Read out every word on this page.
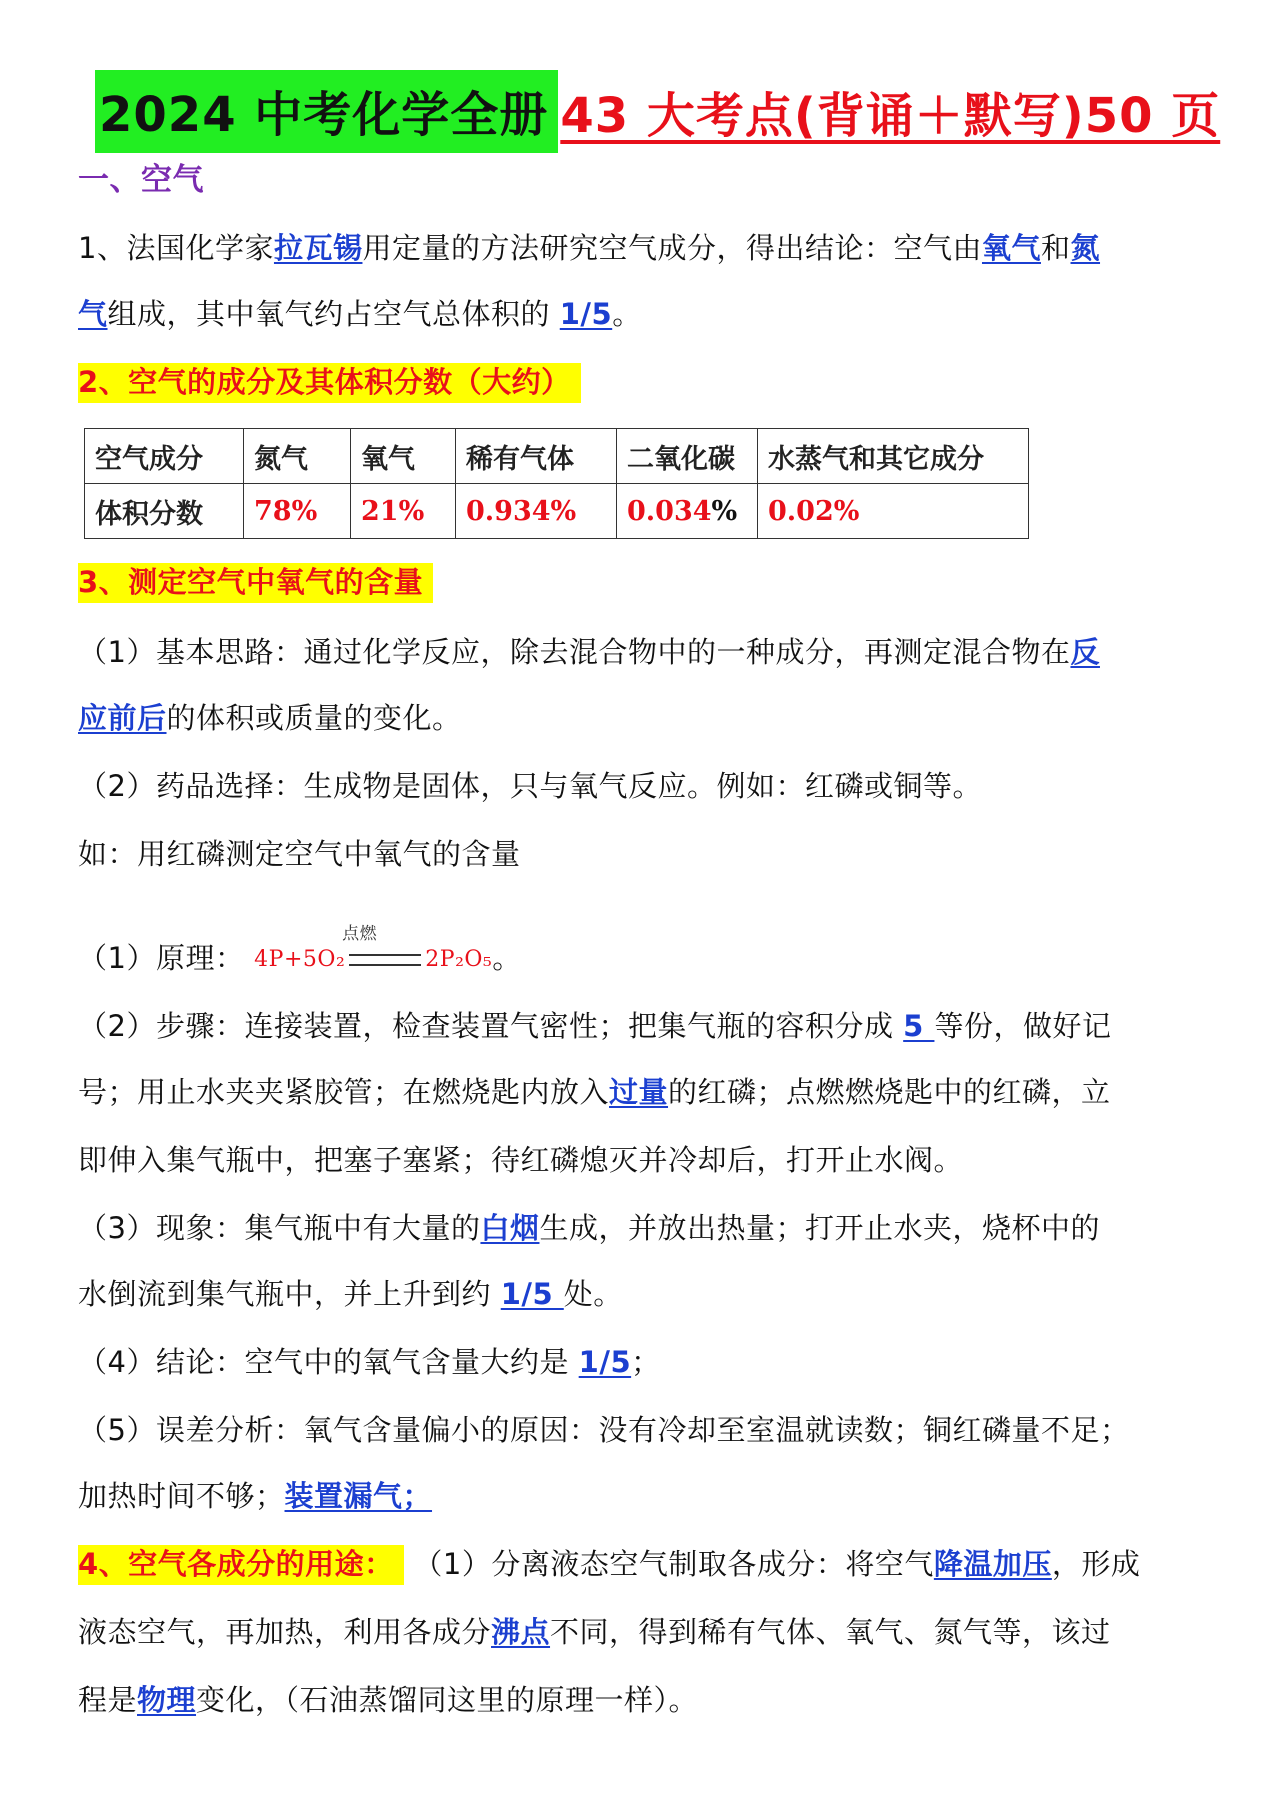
2024 中考化学全册 43 大考点(背诵＋默写)50 页
一、空气
1、法国化学家拉瓦锡用定量的方法研究空气成分，得出结论：空气由氧气和氮
气组成，其中氧气约占空气总体积的 1/5。
2、空气的成分及其体积分数（大约）
空气成分	氮气	氧气	稀有气体	二氧化碳	水蒸气和其它成分
体积分数	78%	21%	0.934%	0.034%	0.02%
3、测定空气中氧气的含量
（1）基本思路：通过化学反应，除去混合物中的一种成分，再测定混合物在反
应前后的体积或质量的变化。
（2）药品选择：生成物是固体，只与氧气反应。例如：红磷或铜等。
如：用红磷测定空气中氧气的含量
（1）原理：
点燃
4P+5O₂	2P₂O₅。
（2）步骤：连接装置，检查装置气密性；把集气瓶的容积分成 5 等份，做好记
号；用止水夹夹紧胶管；在燃烧匙内放入过量的红磷；点燃燃烧匙中的红磷，立
即伸入集气瓶中，把塞子塞紧；待红磷熄灭并冷却后，打开止水阀。
（3）现象：集气瓶中有大量的白烟生成，并放出热量；打开止水夹，烧杯中的
水倒流到集气瓶中，并上升到约 1/5 处。
（4）结论：空气中的氧气含量大约是 1/5；
（5）误差分析：氧气含量偏小的原因：没有冷却至室温就读数；铜红磷量不足；
加热时间不够；装置漏气；
4、空气各成分的用途： （1）分离液态空气制取各成分：将空气降温加压，形成
液态空气，再加热，利用各成分沸点不同，得到稀有气体、氧气、氮气等，该过
程是物理变化，（石油蒸馏同这里的原理一样）。
